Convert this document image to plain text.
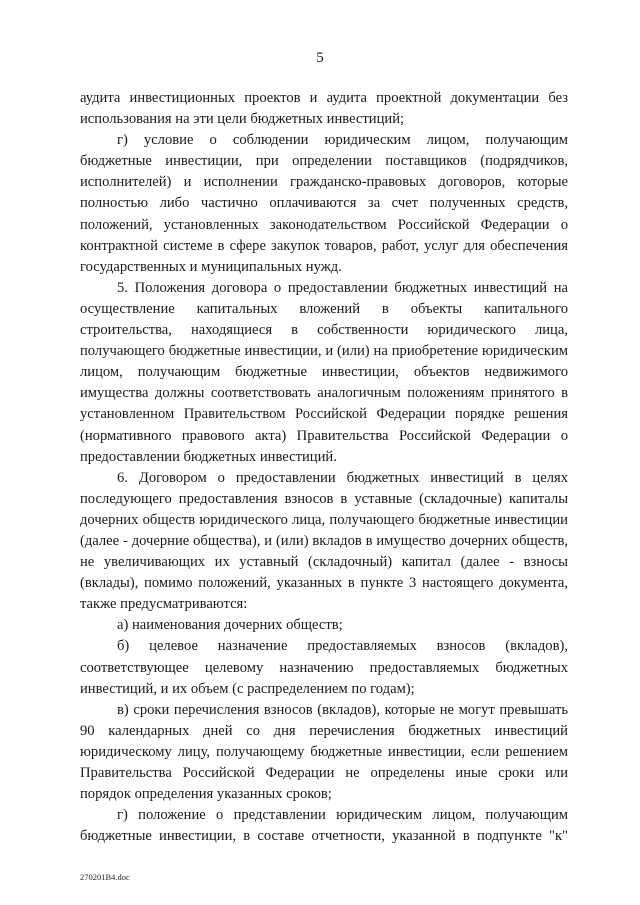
5

аудита инвестиционных проектов и аудита проектной документации без использования на эти цели бюджетных инвестиций;

г) условие о соблюдении юридическим лицом, получающим бюджетные инвестиции, при определении поставщиков (подрядчиков, исполнителей) и исполнении гражданско-правовых договоров, которые полностью либо частично оплачиваются за счет полученных средств, положений, установленных законодательством Российской Федерации о контрактной системе в сфере закупок товаров, работ, услуг для обеспечения государственных и муниципальных нужд.

5. Положения договора о предоставлении бюджетных инвестиций на осуществление капитальных вложений в объекты капитального строительства, находящиеся в собственности юридического лица, получающего бюджетные инвестиции, и (или) на приобретение юридическим лицом, получающим бюджетные инвестиции, объектов недвижимого имущества должны соответствовать аналогичным положениям принятого в установленном Правительством Российской Федерации порядке решения (нормативного правового акта) Правительства Российской Федерации о предоставлении бюджетных инвестиций.

6. Договором о предоставлении бюджетных инвестиций в целях последующего предоставления взносов в уставные (складочные) капиталы дочерних обществ юридического лица, получающего бюджетные инвестиции (далее - дочерние общества), и (или) вкладов в имущество дочерних обществ, не увеличивающих их уставный (складочный) капитал (далее - взносы (вклады), помимо положений, указанных в пункте 3 настоящего документа, также предусматриваются:

а) наименования дочерних обществ;

б) целевое назначение предоставляемых взносов (вкладов), соответствующее целевому назначению предоставляемых бюджетных инвестиций, и их объем (с распределением по годам);

в) сроки перечисления взносов (вкладов), которые не могут превышать 90 календарных дней со дня перечисления бюджетных инвестиций юридическому лицу, получающему бюджетные инвестиции, если решением Правительства Российской Федерации не определены иные сроки или порядок определения указанных сроков;

г) положение о представлении юридическим лицом, получающим бюджетные инвестиции, в составе отчетности, указанной в подпункте "к"

270201В4.doc
